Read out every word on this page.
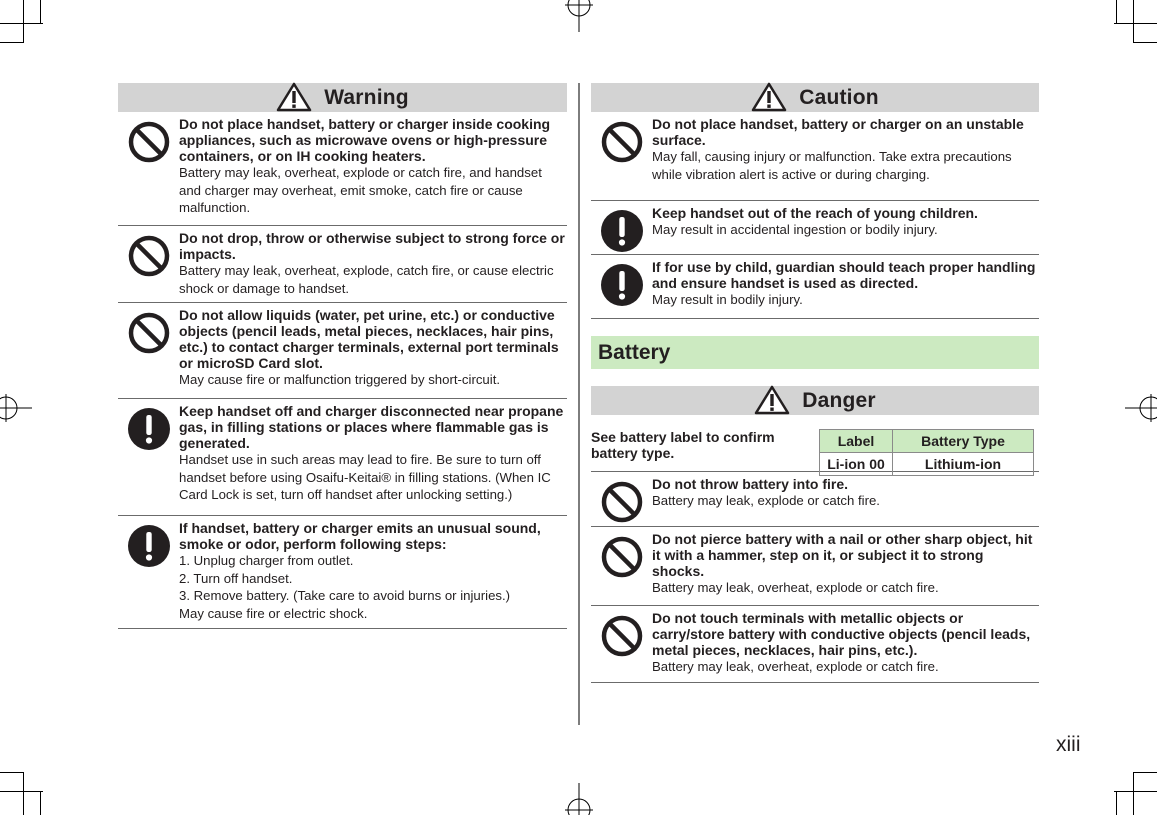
Warning
Do not place handset, battery or charger inside cooking appliances, such as microwave ovens or high-pressure containers, or on IH cooking heaters.
Battery may leak, overheat, explode or catch fire, and handset and charger may overheat, emit smoke, catch fire or cause malfunction.
Do not drop, throw or otherwise subject to strong force or impacts.
Battery may leak, overheat, explode, catch fire, or cause electric shock or damage to handset.
Do not allow liquids (water, pet urine, etc.) or conductive objects (pencil leads, metal pieces, necklaces, hair pins, etc.) to contact charger terminals, external port terminals or microSD Card slot.
May cause fire or malfunction triggered by short-circuit.
Keep handset off and charger disconnected near propane gas, in filling stations or places where flammable gas is generated.
Handset use in such areas may lead to fire. Be sure to turn off handset before using Osaifu-Keitai® in filling stations. (When IC Card Lock is set, turn off handset after unlocking setting.)
If handset, battery or charger emits an unusual sound, smoke or odor, perform following steps:
1. Unplug charger from outlet.
2. Turn off handset.
3. Remove battery. (Take care to avoid burns or injuries.)
May cause fire or electric shock.
Caution
Do not place handset, battery or charger on an unstable surface.
May fall, causing injury or malfunction. Take extra precautions while vibration alert is active or during charging.
Keep handset out of the reach of young children.
May result in accidental ingestion or bodily injury.
If for use by child, guardian should teach proper handling and ensure handset is used as directed.
May result in bodily injury.
Battery
Danger
See battery label to confirm battery type.
Label	Battery Type
Li-ion 00	Lithium-ion
Do not throw battery into fire.
Battery may leak, explode or catch fire.
Do not pierce battery with a nail or other sharp object, hit it with a hammer, step on it, or subject it to strong shocks.
Battery may leak, overheat, explode or catch fire.
Do not touch terminals with metallic objects or carry/store battery with conductive objects (pencil leads, metal pieces, necklaces, hair pins, etc.).
Battery may leak, overheat, explode or catch fire.
xiii
